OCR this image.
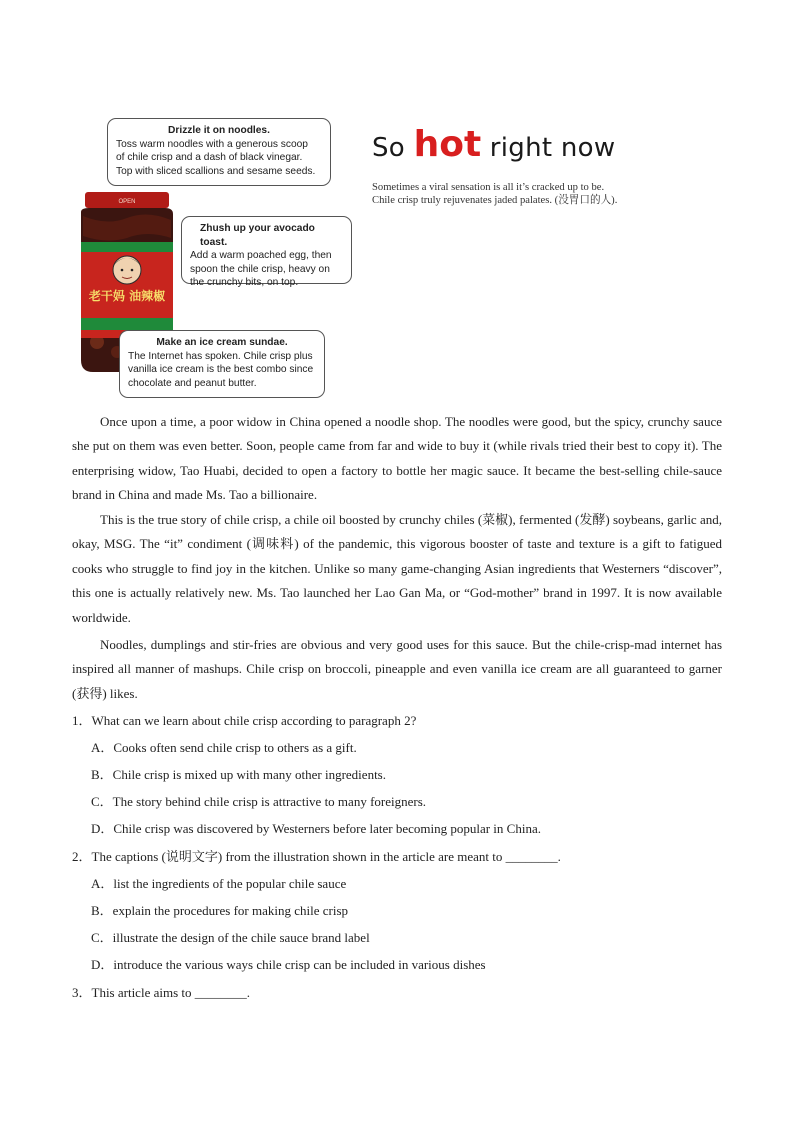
OPEN
老干妈 油辣椒
Drizzle it on noodles.
Toss warm noodles with a generous scoop
of chile crisp and a dash of black vinegar.
Top with sliced scallions and sesame seeds.
Zhush up your avocado toast.
Add a warm poached egg, then
spoon the chile crisp, heavy on
the crunchy bits, on top.
Make an ice cream sundae.
The Internet has spoken. Chile crisp plus
vanilla ice cream is the best combo since
chocolate and peanut butter.
So hot right now
Sometimes a viral sensation is all it’s cracked up to be. Chile crisp truly rejuvenates jaded palates. (没胃口的人).

Once upon a time, a poor widow in China opened a noodle shop. The noodles were good, but the spicy, crunchy sauce she put on them was even better. Soon, people came from far and wide to buy it (while rivals tried their best to copy it). The enterprising widow, Tao Huabi, decided to open a factory to bottle her magic sauce. It became the best-selling chile-sauce brand in China and made Ms. Tao a billionaire.

This is the true story of chile crisp, a chile oil boosted by crunchy chiles (菜椒), fermented (发酵) soybeans, garlic and, okay, MSG. The “it” condiment (调味料) of the pandemic, this vigorous booster of taste and texture is a gift to fatigued cooks who struggle to find joy in the kitchen. Unlike so many game-changing Asian ingredients that Westerners “discover”, this one is actually relatively new. Ms. Tao launched her Lao Gan Ma, or “God-mother” brand in 1997. It is now available worldwide.

Noodles, dumplings and stir-fries are obvious and very good uses for this sauce. But the chile-crisp-mad internet has inspired all manner of mashups. Chile crisp on broccoli, pineapple and even vanilla ice cream are all guaranteed to garner (获得) likes.

1．What can we learn about chile crisp according to paragraph 2?
A．Cooks often send chile crisp to others as a gift.
B．Chile crisp is mixed up with many other ingredients.
C．The story behind chile crisp is attractive to many foreigners.
D．Chile crisp was discovered by Westerners before later becoming popular in China.
2．The captions (说明文字) from the illustration shown in the article are meant to ________.
A．list the ingredients of the popular chile sauce
B．explain the procedures for making chile crisp
C．illustrate the design of the chile sauce brand label
D．introduce the various ways chile crisp can be included in various dishes
3．This article aims to ________.
